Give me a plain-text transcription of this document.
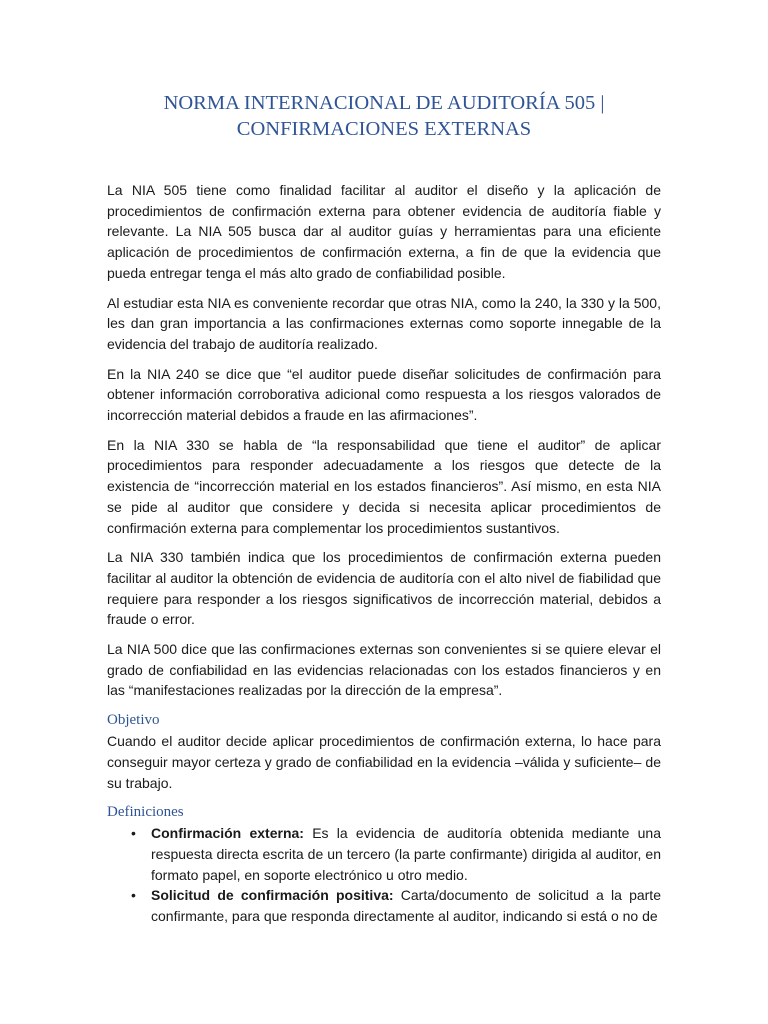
NORMA INTERNACIONAL DE AUDITORÍA 505 |
CONFIRMACIONES EXTERNAS

La NIA 505 tiene como finalidad facilitar al auditor el diseño y la aplicación de procedimientos de confirmación externa para obtener evidencia de auditoría fiable y relevante. La NIA 505 busca dar al auditor guías y herramientas para una eficiente aplicación de procedimientos de confirmación externa, a fin de que la evidencia que pueda entregar tenga el más alto grado de confiabilidad posible.

Al estudiar esta NIA es conveniente recordar que otras NIA, como la 240, la 330 y la 500, les dan gran importancia a las confirmaciones externas como soporte innegable de la evidencia del trabajo de auditoría realizado.

En la NIA 240 se dice que “el auditor puede diseñar solicitudes de confirmación para obtener información corroborativa adicional como respuesta a los riesgos valorados de incorrección material debidos a fraude en las afirmaciones”.

En la NIA 330 se habla de “la responsabilidad que tiene el auditor” de aplicar procedimientos para responder adecuadamente a los riesgos que detecte de la existencia de “incorrección material en los estados financieros”. Así mismo, en esta NIA se pide al auditor que considere y decida si necesita aplicar procedimientos de confirmación externa para complementar los procedimientos sustantivos.

La NIA 330 también indica que los procedimientos de confirmación externa pueden facilitar al auditor la obtención de evidencia de auditoría con el alto nivel de fiabilidad que requiere para responder a los riesgos significativos de incorrección material, debidos a fraude o error.

La NIA 500 dice que las confirmaciones externas son convenientes si se quiere elevar el grado de confiabilidad en las evidencias relacionadas con los estados financieros y en las “manifestaciones realizadas por la dirección de la empresa”.

Objetivo

Cuando el auditor decide aplicar procedimientos de confirmación externa, lo hace para conseguir mayor certeza y grado de confiabilidad en la evidencia –válida y suficiente– de su trabajo.

Definiciones
• Confirmación externa: Es la evidencia de auditoría obtenida mediante una respuesta directa escrita de un tercero (la parte confirmante) dirigida al auditor, en formato papel, en soporte electrónico u otro medio.
• Solicitud de confirmación positiva: Carta/documento de solicitud a la parte confirmante, para que responda directamente al auditor, indicando si está o no de
